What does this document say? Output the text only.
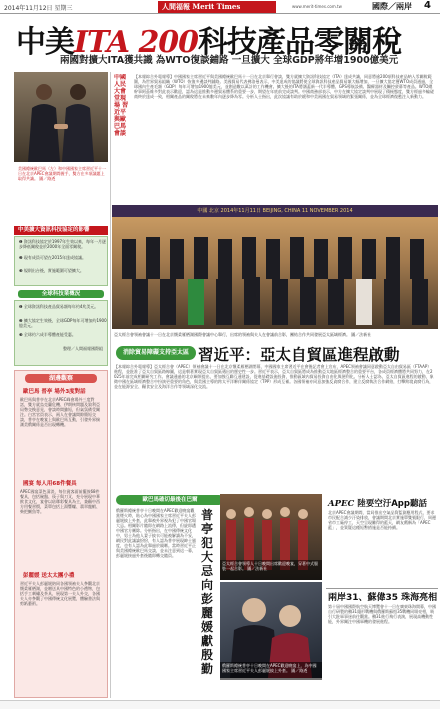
2014年11月12日 星期三	人間福報 Merit Times	www.merit-times.com.tw	國際／兩岸 4
中美ITA 200科技產品零關稅
兩國對擴大ITA獲共識 為WTO復談鋪路 一旦擴大 全球GDP將年增1900億美元
美國總統歐巴馬（左）和中國國家主席習近平十一日在北京APEC會議期間握手，雙方在多項議題上取得共識。 圖／路透
中美擴大資訊科技協定的影響
❶ 資訊科技協定於1997年生效以來，每年一月逐步降低關稅並於2000年全面零關稅。
❷ 現有成員可望在2015年達成協議。
❸ 規則出台後，實施範圍可望擴大。
全球科技業概況
❶ 全球資訊科技產品貿易額每年約4兆美元。
❷ 擴大協定生效後，全球GDP每年可增加約1900億美元。
❸ 全球約六成半導體產能受惠。
整理／人間福報國際組
湖邊觀察
歐巴馬 晉亭 場外3度對話
歐巴馬與普亭在北京APEC峰會場外三度對話，雙方就烏克蘭危機、伊朗核問題及敘利亞局勢交換意見，會談時間雖短，但氣氛備受關注。白宮官員表示，兩人在會議間隙簡短交談，普亭在晚宴上與歐巴馬互動，引發外界揣測美俄關係是否出現轉機。
國宴 每人用68件餐具
APEC國宴菜色清淡，每位賓客面前擺放68件餐具，包括碗盤、筷子與刀叉，充分展現中華飲食文化，宴會以琺瑯彩餐具為主，兼顧中西方用餐習慣，菜單包括上湯響螺、翡翠龍蝦、柴把鱖魚等。
彭麗媛 送太太團小禮
習近平夫人彭麗媛陪同各國領袖夫人參觀北京懷柔雁栖湖，並贈送具中國特色的小禮物，包括手工刺繡及茶具，展現第一夫人外交，各國夫人亦參觀了中國傳統文化展覽，體驗書法與剪紙藝術。
中國人民大會堂現場 習近平與歐巴馬會談
【本報綜合外電報導】中國國家主席習近平與美國總統歐巴馬十一日在北京舉行會談，雙方就擴大資訊科技協定（ITA）達成共識，同意將逾200項科技產品納入零關稅範圍，為世界貿易組織（WTO）恢復多邊談判鋪路。美國貿易代表佛洛曼表示，中美達成的協議將使全球資訊科技產品貿易額大幅增加，一旦擴大協定獲WTO成員通過，全球國內生產毛額（GDP）每年可增加1900億美元，並創造數以萬計的工作機會。擴大後的ITA將涵蓋新一代半導體、GPS導航設備、醫療器材及觸控螢幕等產品。WTO總幹事阿茲維多對此表示歡迎，認為這是推動多邊貿易體系的重要一步，期望在年底前完成談判。中國商務部表示，中方在擴大協定談判中展現了積極態度，雙方經過多輪磋商終於達成一致，相關產品的關稅將在未來數年內逐步降為零。分析人士指出，此次協議有助於緩和中美兩國在貿易領域的緊張關係，並為全球經濟復甦注入新動力。
中國 北京 2014年11月11日 BEIJING, CHINA 11 NOVEMBER 2014
亞太經合會領袖會議十一日在北京懷柔雁栖湖國際會議中心舉行，出席的領袖與夫人在會議前合影，團結合作共同發展亞太區域經濟。 圖／法新社
消除貿易障礙支持亞太區 習近平：亞太自貿區進程啟動
【本報綜合外電報導】亞太經合會（APEC）領袖會議十一日在北京懷柔雁栖湖閉幕，中國國家主席習近平在會後記者會上宣布，APEC領袖會議同意啟動亞太自由貿易區（FTAAP）進程，並批准了亞太自貿區路線圖，這是朝著實現亞太自貿區邁出的歷史性一步。習近平表示，亞太自貿區將成為推動亞太地區經濟整合的重要平台，各成員經濟體將共同努力，在2025年前完成相關研究工作。會議通過的北京綱領提出，要加強互聯互通建設，促進基礎設施投資，推動區域內貿易投資自由化與便利化。分析人士認為，亞太自貿區進程的啟動，象徵中國在區域經濟整合中扮演更重要的角色，與美國主導的跨太平洋夥伴關係協定（TPP）形成互補。各國領袖亦同意加強反貪腐合作，建立反腐執法合作網絡，打擊跨境貪腐行為，並在能源安全、糧食安全及海洋合作等領域深化交流。
歐巴馬確切最後在巴爾
俄羅斯總統普亭十日晚間在APEC歡迎晚宴觀賞煙火時，貼心為中國國家主席習近平夫人彭麗媛披上外套，此舉被外界視為犯了中國官場大忌。相關影片隨即在網路上流傳，但旋即遭中國官方刪除。分析指出，在中國傳統文化中，男士為他人妻子披衣可能被解讀為不妥，網民對此議論紛紛，有人認為普亭展現紳士風度，也有人認為此舉過於親暱。當時習近平正與美國總統歐巴馬交談，並未注意到這一幕，彭麗媛接過外套後隨即轉交隨員。
普亭犯大忌 向彭麗媛獻殷勤	俄羅斯總統普亭十日晚間在APEC歡迎晚宴上，為中國國家主席習近平夫人彭麗媛披上外套。 圖／路透
亞太經合會領導人十日晚間出席歡迎晚宴，穿著中式服裝一起合影。 圖／法新社
APEC 陸要空汙App聽話
北京APEC會議期間，當局推出空氣品質監測應用程式，要求市民配合減少汙染排放，會議期間北京實施單雙號限行，周邊省市工廠停工，天空呈現難得的藍天，網友戲稱為「APEC藍」，並質疑這種短暫措施是否能持續。
兩岸31、蘇偉35 珠海亮相
第十屆中國國際航空航天博覽會十一日在廣東珠海開幕，中國自行研製的殲31隱形戰機與俄羅斯蘇愷35戰機同場亮相，吸引大批軍事迷前往觀賞。殲31進行飛行表演，展現高機動性能，外界關注中國軍機的發展進程。
